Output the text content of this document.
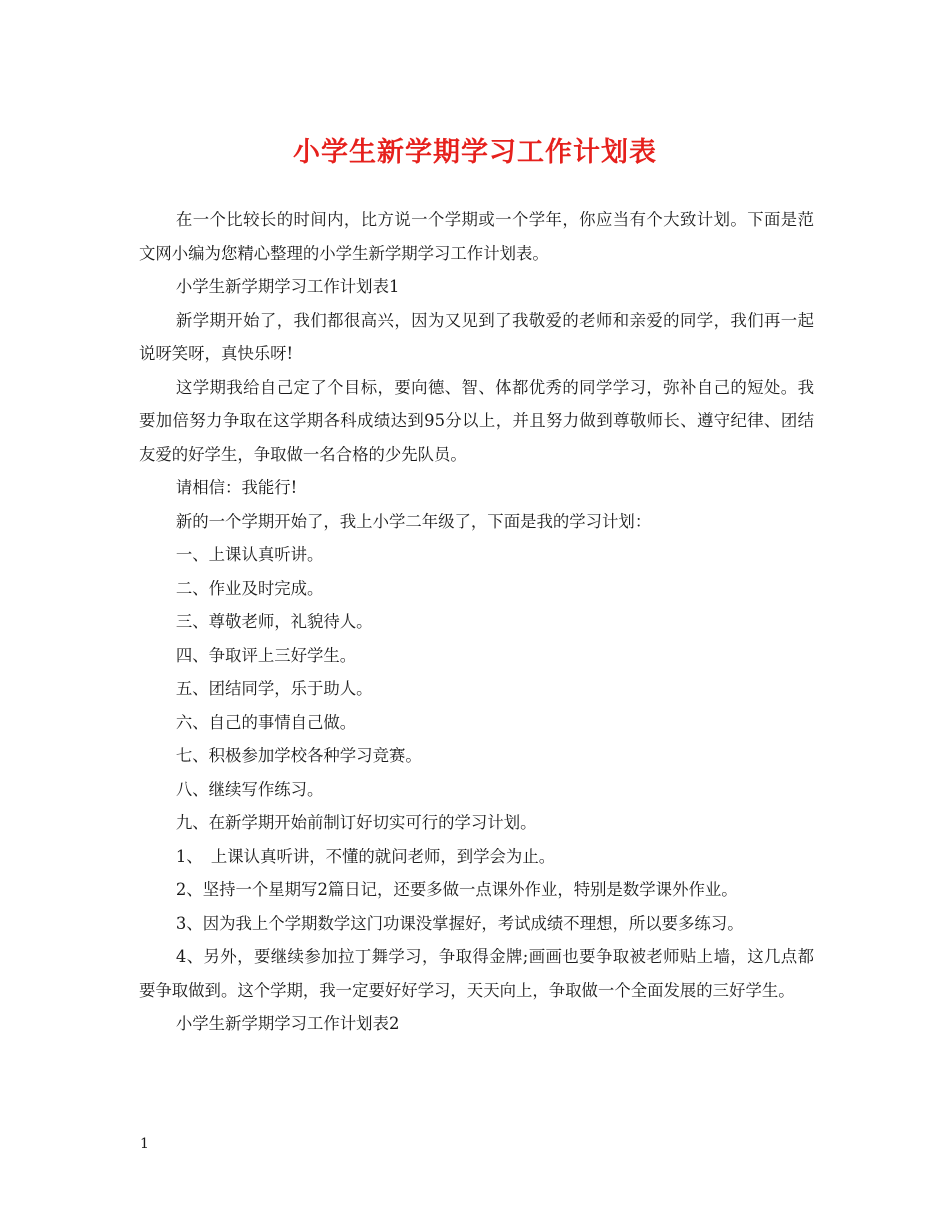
小学生新学期学习工作计划表

在一个比较长的时间内，比方说一个学期或一个学年，你应当有个大致计划。下面是范文网小编为您精心整理的小学生新学期学习工作计划表。

小学生新学期学习工作计划表1

新学期开始了，我们都很高兴，因为又见到了我敬爱的老师和亲爱的同学，我们再一起说呀笑呀，真快乐呀!

这学期我给自己定了个目标，要向德、智、体都优秀的同学学习，弥补自己的短处。我要加倍努力争取在这学期各科成绩达到95分以上，并且努力做到尊敬师长、遵守纪律、团结友爱的好学生，争取做一名合格的少先队员。

请相信：我能行!

新的一个学期开始了，我上小学二年级了，下面是我的学习计划：

一、上课认真听讲。

二、作业及时完成。

三、尊敬老师，礼貌待人。

四、争取评上三好学生。

五、团结同学，乐于助人。

六、自己的事情自己做。

七、积极参加学校各种学习竞赛。

八、继续写作练习。

九、在新学期开始前制订好切实可行的学习计划。

1、　上课认真听讲，不懂的就问老师，到学会为止。

2、坚持一个星期写2篇日记，还要多做一点课外作业，特别是数学课外作业。

3、因为我上个学期数学这门功课没掌握好，考试成绩不理想，所以要多练习。

4、另外，要继续参加拉丁舞学习，争取得金牌;画画也要争取被老师贴上墙，这几点都要争取做到。这个学期，我一定要好好学习，天天向上，争取做一个全面发展的三好学生。

小学生新学期学习工作计划表2

1
